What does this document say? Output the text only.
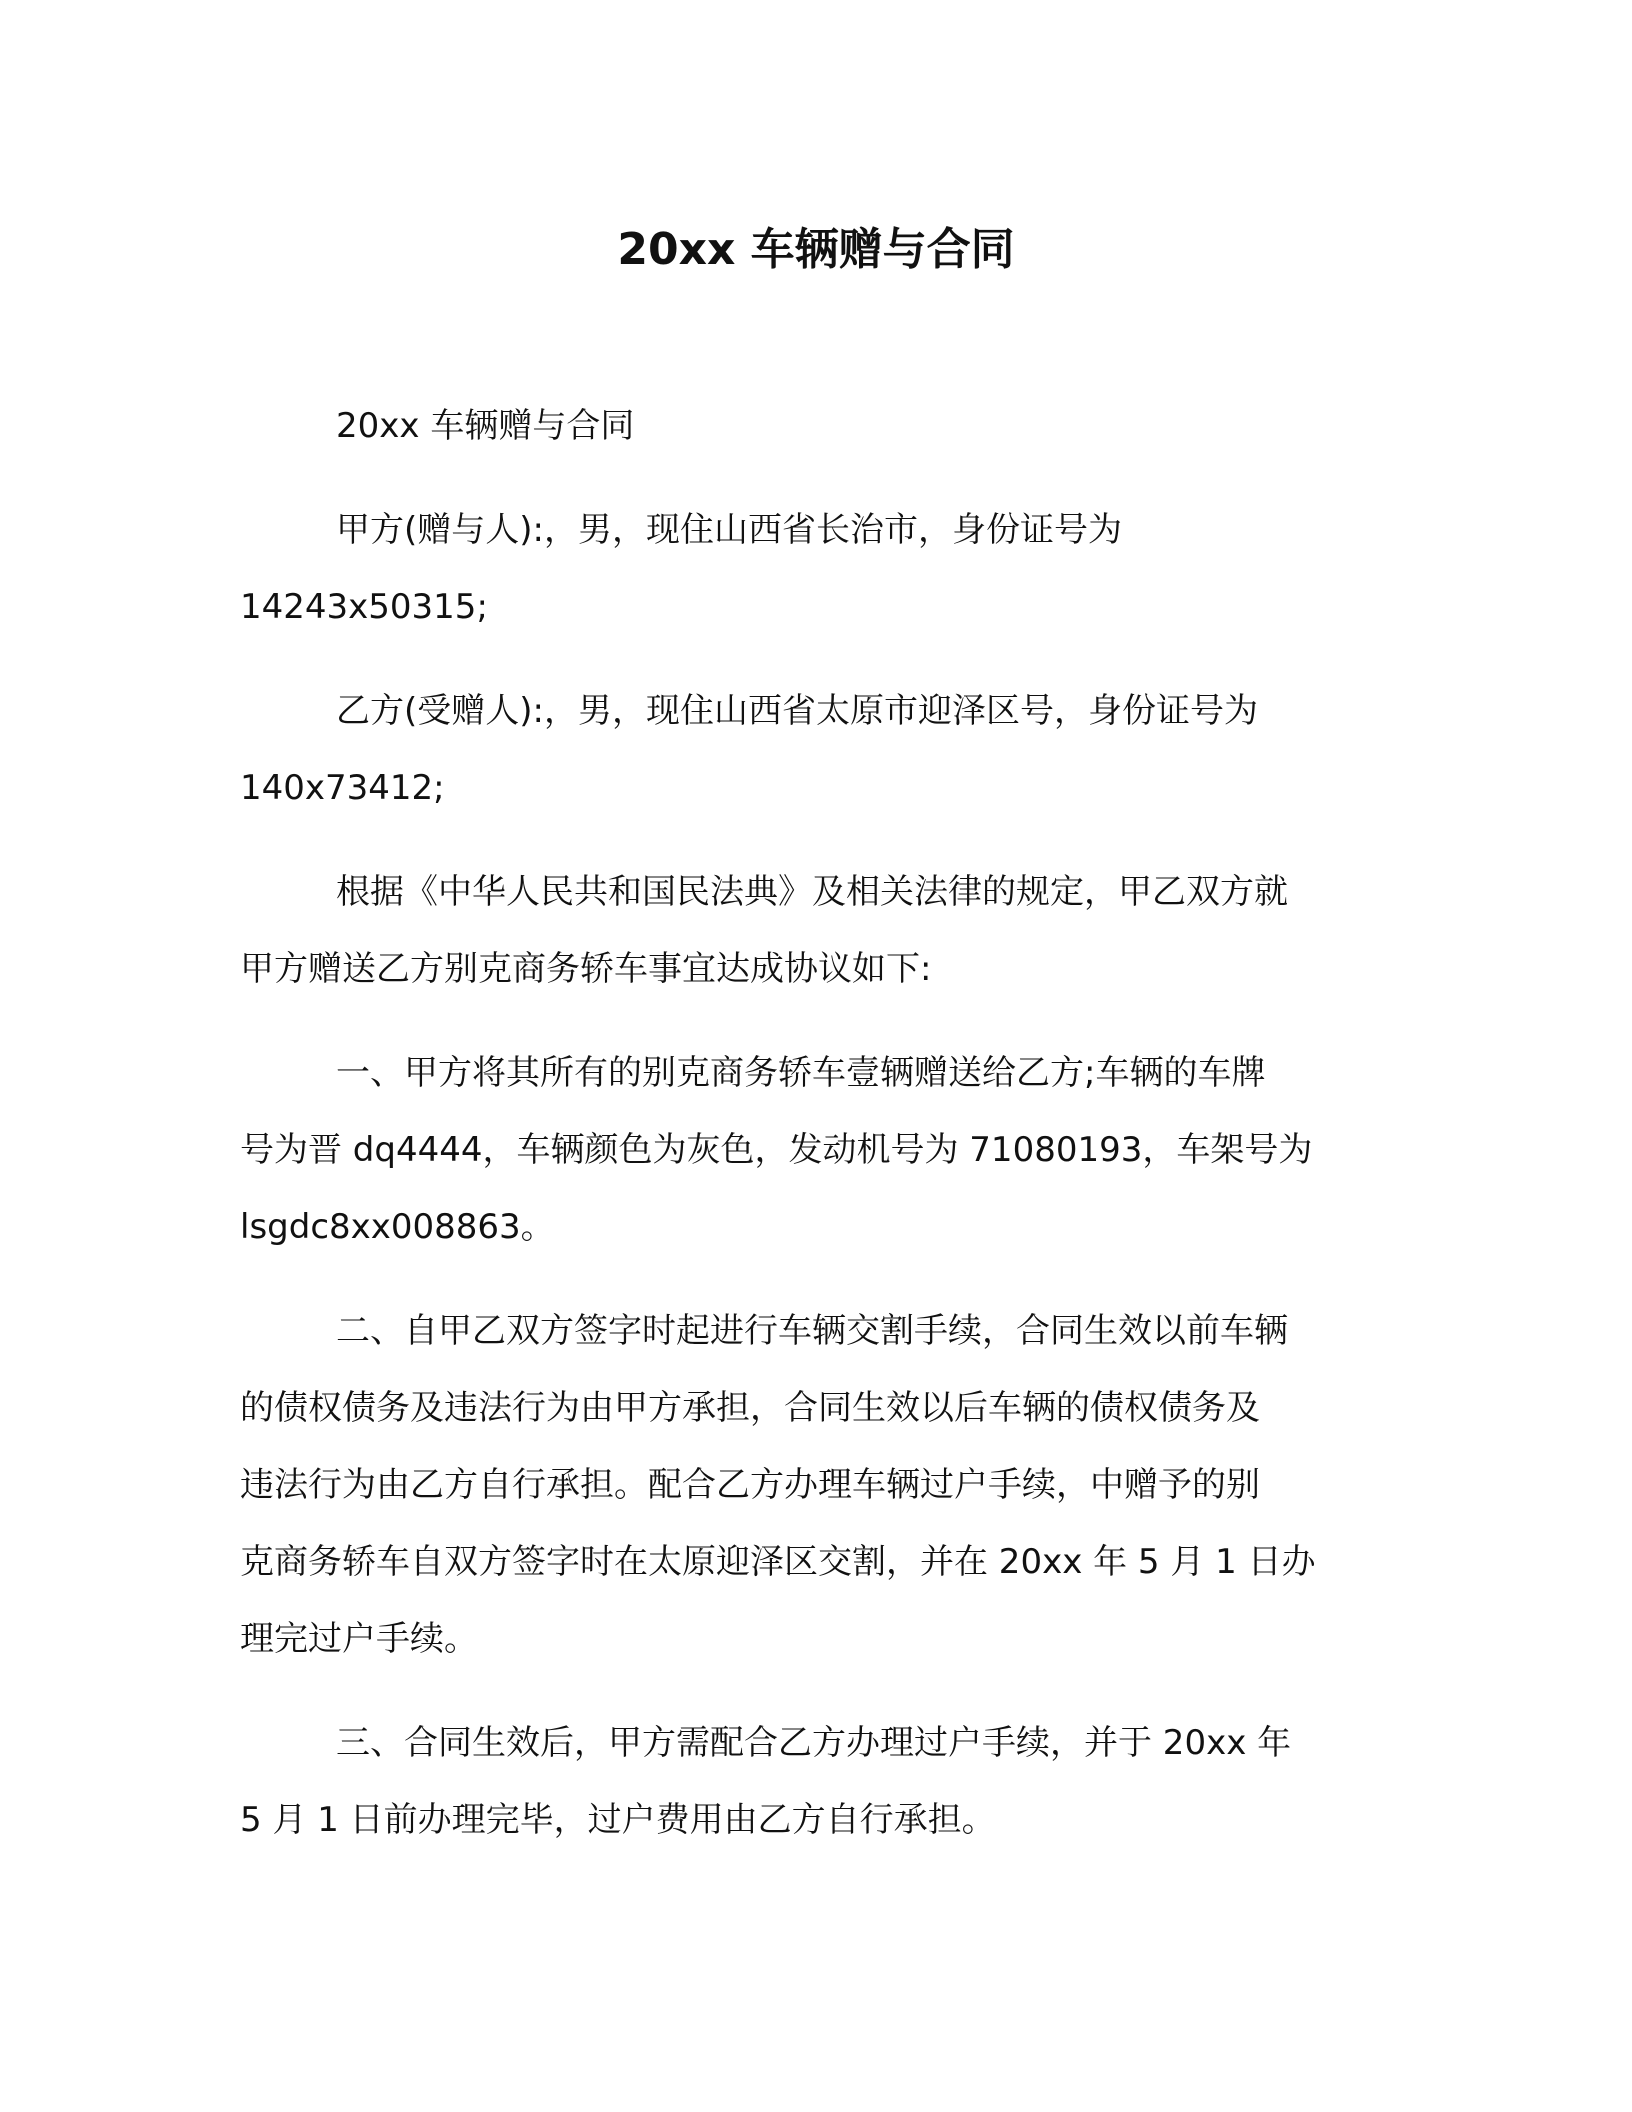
20xx 车辆赠与合同

20xx 车辆赠与合同

甲方(赠与人):，男，现住山西省长治市，身份证号为
14243x50315;

乙方(受赠人):，男，现住山西省太原市迎泽区号，身份证号为
140x73412;

根据《中华人民共和国民法典》及相关法律的规定，甲乙双方就
甲方赠送乙方别克商务轿车事宜达成协议如下:

一、甲方将其所有的别克商务轿车壹辆赠送给乙方;车辆的车牌
号为晋 dq4444，车辆颜色为灰色，发动机号为 71080193，车架号为
lsgdc8xx008863。

二、自甲乙双方签字时起进行车辆交割手续，合同生效以前车辆
的债权债务及违法行为由甲方承担，合同生效以后车辆的债权债务及
违法行为由乙方自行承担。配合乙方办理车辆过户手续，中赠予的别
克商务轿车自双方签字时在太原迎泽区交割，并在 20xx 年 5 月 1 日办
理完过户手续。

三、合同生效后，甲方需配合乙方办理过户手续，并于 20xx 年
5 月 1 日前办理完毕，过户费用由乙方自行承担。
